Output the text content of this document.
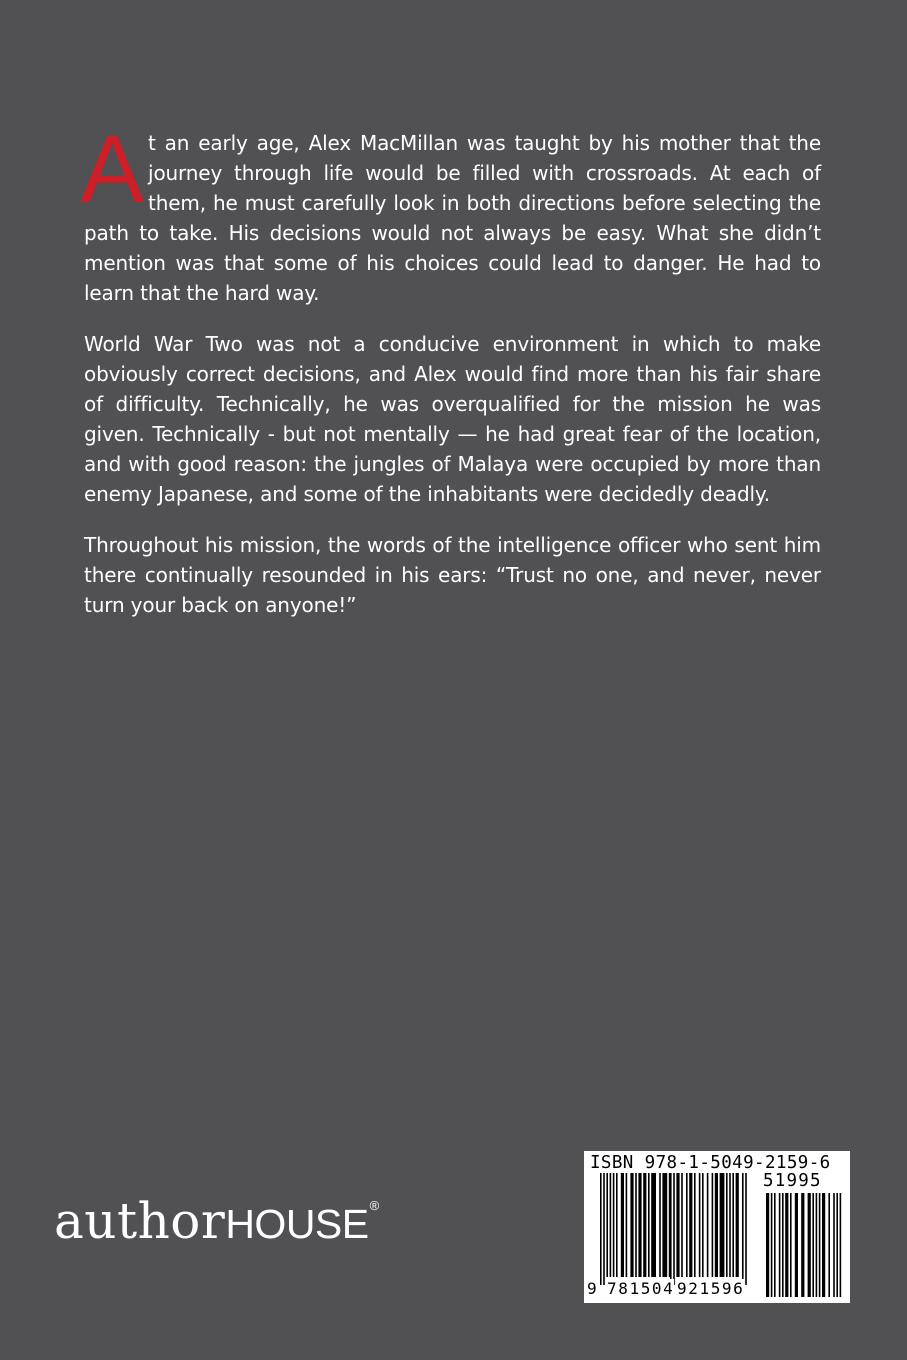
At an early age, Alex MacMillan was taught by his mother that the journey through life would be filled with crossroads. At each of them, he must carefully look in both directions before selecting the path to take. His decisions would not always be easy. What she didn’t mention was that some of his choices could lead to danger. He had to learn that the hard way.

World War Two was not a conducive environment in which to make obviously correct decisions, and Alex would find more than his fair share of difficulty. Technically, he was overqualified for the mission he was given. Technically - but not mentally — he had great fear of the location, and with good reason: the jungles of Malaya were occupied by more than enemy Japanese, and some of the inhabitants were decidedly deadly.

Throughout his mission, the words of the intelligence officer who sent him there continually resounded in his ears: “Trust no one, and never, never turn your back on anyone!”

authorHOUSE®
ISBN 978-1-5049-2159-6
51995
9 781504 921596
